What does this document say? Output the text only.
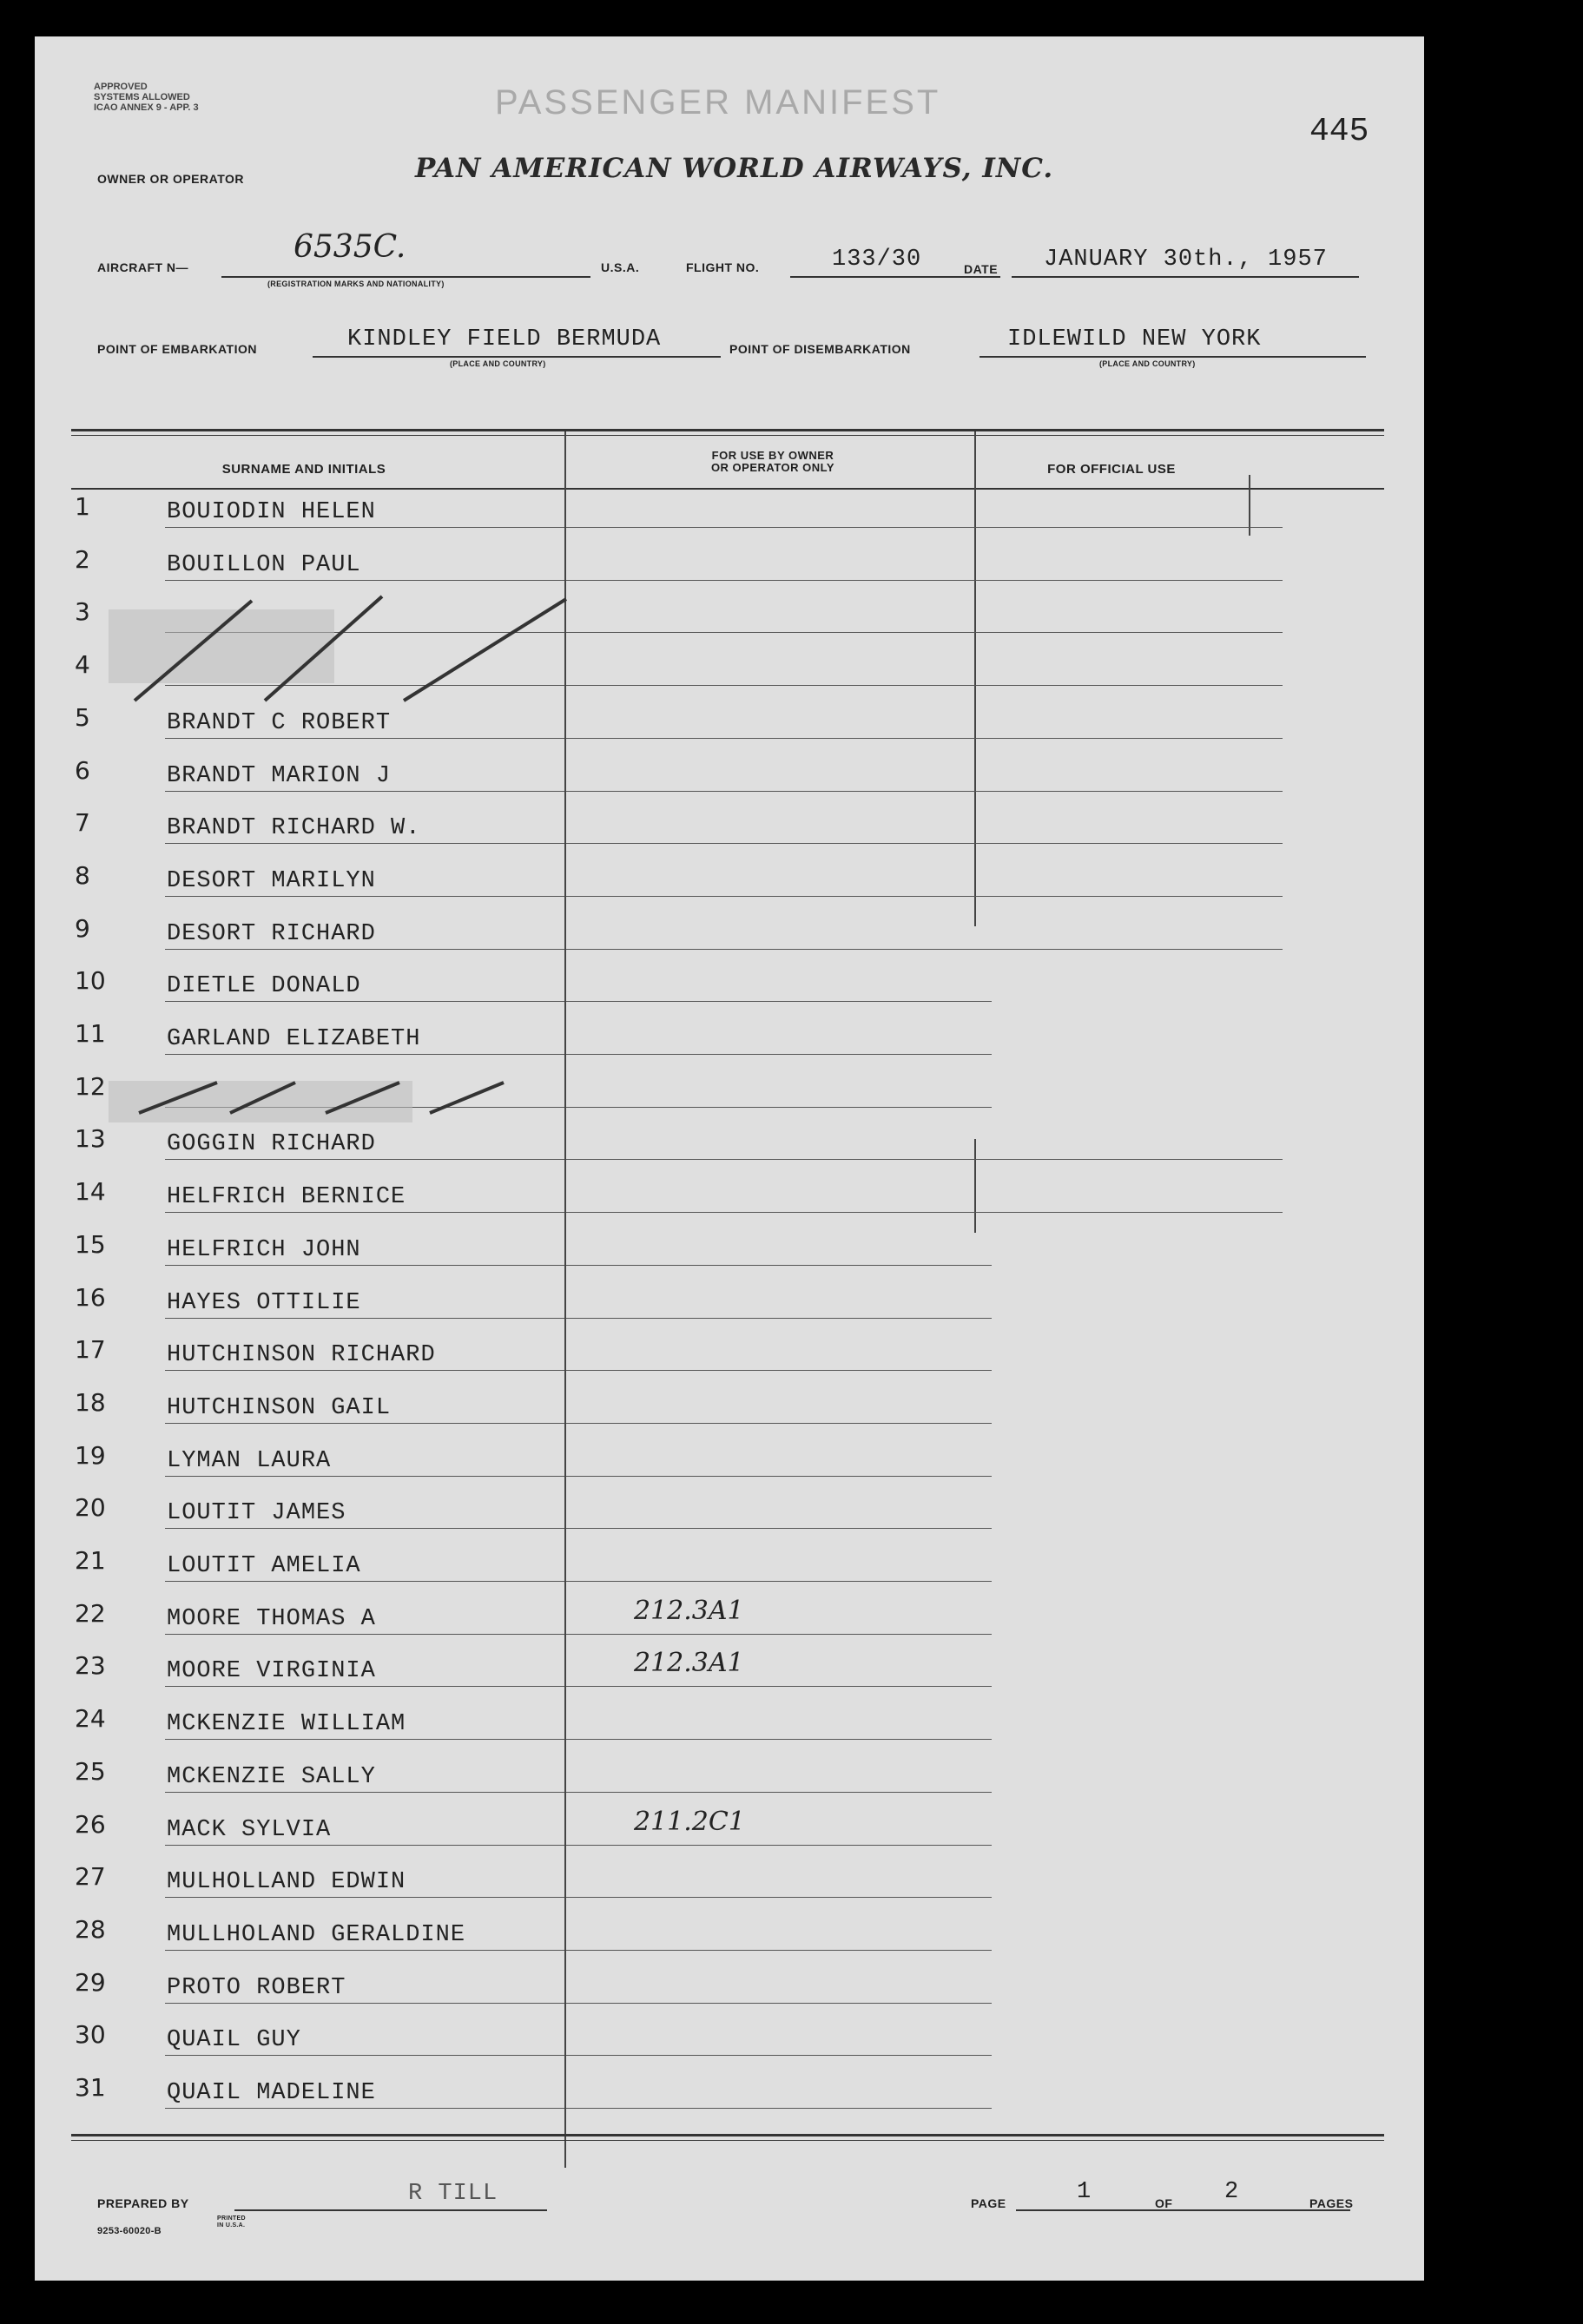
APPROVED
SYSTEMS ALLOWED
ICAO ANNEX 9 - APP. 3	PASSENGER MANIFEST
445
OWNER OR OPERATOR	PAN AMERICAN WORLD AIRWAYS, INC.
AIRCRAFT N—
6535C.
(REGISTRATION MARKS AND NATIONALITY)
U.S.A.	FLIGHT NO.	133/30	DATE JANUARY 30th., 1957
POINT OF EMBARKATION	KINDLEY FIELD BERMUDA
(PLACE AND COUNTRY)
POINT OF DISEMBARKATION	IDLEWILD NEW YORK
(PLACE AND COUNTRY)
SURNAME AND INITIALS
FOR USE BY OWNER
OR OPERATOR ONLY	FOR OFFICIAL USE
1	BOUIODIN HELEN
2	BOUILLON PAUL
3
4
5	BRANDT C ROBERT
6	BRANDT MARION J
7	BRANDT RICHARD W.
8	DESORT MARILYN
9	DESORT RICHARD
10	DIETLE DONALD
11	GARLAND ELIZABETH
12
13	GOGGIN RICHARD
14	HELFRICH BERNICE
15	HELFRICH JOHN
16	HAYES OTTILIE
17	HUTCHINSON RICHARD
18	HUTCHINSON GAIL
19	LYMAN LAURA
20	LOUTIT JAMES
21	LOUTIT AMELIA
22	MOORE THOMAS A	212.3A1
23	MOORE VIRGINIA	212.3A1
24	MCKENZIE WILLIAM
25	MCKENZIE SALLY
26	MACK SYLVIA	211.2C1
27	MULHOLLAND EDWIN
28	MULLHOLAND GERALDINE
29	PROTO ROBERT
30	QUAIL GUY
31	QUAIL MADELINE
PREPARED BY	R TILL	PAGE	1	OF 2	PAGES
9253-60020-B
PRINTED IN U.S.A.
